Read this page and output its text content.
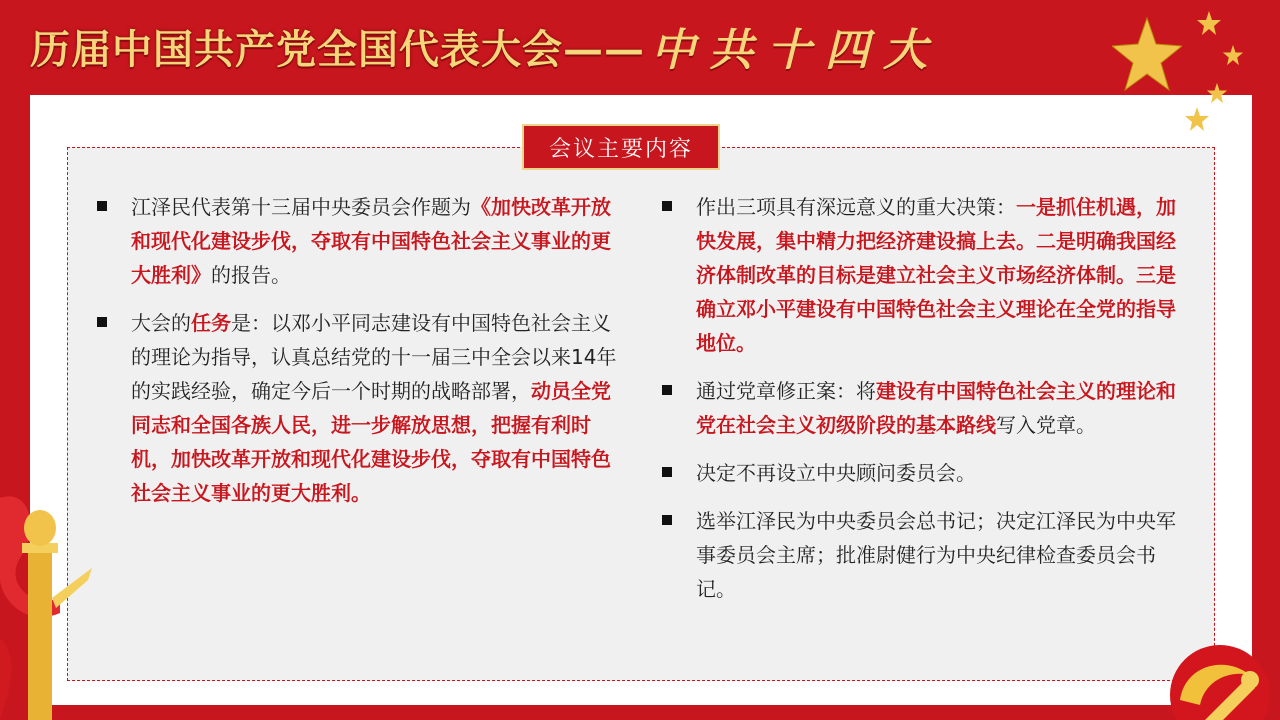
历届中国共产党全国代表大会—— 中共十四大
会议主要内容
江泽民代表第十三届中央委员会作题为《加快改革开放和现代化建设步伐，夺取有中国特色社会主义事业的更大胜利》的报告。
大会的任务是：以邓小平同志建设有中国特色社会主义的理论为指导，认真总结党的十一届三中全会以来14年的实践经验，确定今后一个时期的战略部署，动员全党同志和全国各族人民，进一步解放思想，把握有利时机，加快改革开放和现代化建设步伐，夺取有中国特色社会主义事业的更大胜利。
作出三项具有深远意义的重大决策：一是抓住机遇，加快发展，集中精力把经济建设搞上去。二是明确我国经济体制改革的目标是建立社会主义市场经济体制。三是确立邓小平建设有中国特色社会主义理论在全党的指导地位。
通过党章修正案：将建设有中国特色社会主义的理论和党在社会主义初级阶段的基本路线写入党章。
决定不再设立中央顾问委员会。
选举江泽民为中央委员会总书记；决定江泽民为中央军事委员会主席；批准尉健行为中央纪律检查委员会书记。
